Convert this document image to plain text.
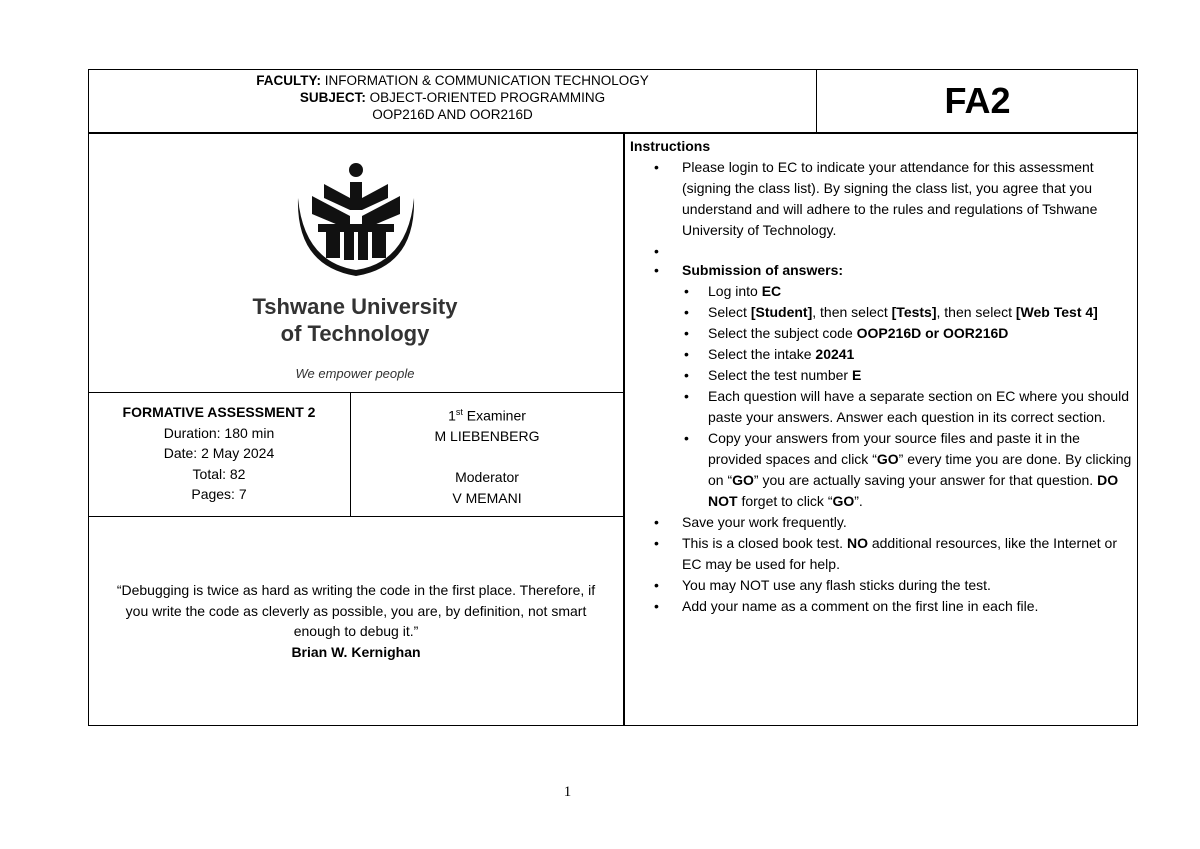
FACULTY: INFORMATION & COMMUNICATION TECHNOLOGY
SUBJECT: OBJECT-ORIENTED PROGRAMMING
OOP216D AND OOR216D	FA2
Tshwane University
of Technology
We empower people
FORMATIVE ASSESSMENT 2
Duration: 180 min
Date: 2 May 2024
Total: 82
Pages: 7
1st Examiner
M LIEBENBERG
Moderator
V MEMANI
“Debugging is twice as hard as writing the code in the first place. Therefore, if you write the code as cleverly as possible, you are, by definition, not smart enough to debug it.”
Brian W. Kernighan
Instructions
• Please login to EC to indicate your attendance for this assessment (signing the class list). By signing the class list, you agree that you understand and will adhere to the rules and regulations of Tshwane University of Technology.
•
• Submission of answers:
• Log into EC
• Select [Student], then select [Tests], then select [Web Test 4]
• Select the subject code OOP216D or OOR216D
• Select the intake 20241
• Select the test number E
• Each question will have a separate section on EC where you should paste your answers. Answer each question in its correct section.
• Copy your answers from your source files and paste it in the provided spaces and click “GO” every time you are done. By clicking on “GO” you are actually saving your answer for that question. DO NOT forget to click “GO”.
• Save your work frequently.
• This is a closed book test. NO additional resources, like the Internet or EC may be used for help.
• You may NOT use any flash sticks during the test.
• Add your name as a comment on the first line in each file.
1
